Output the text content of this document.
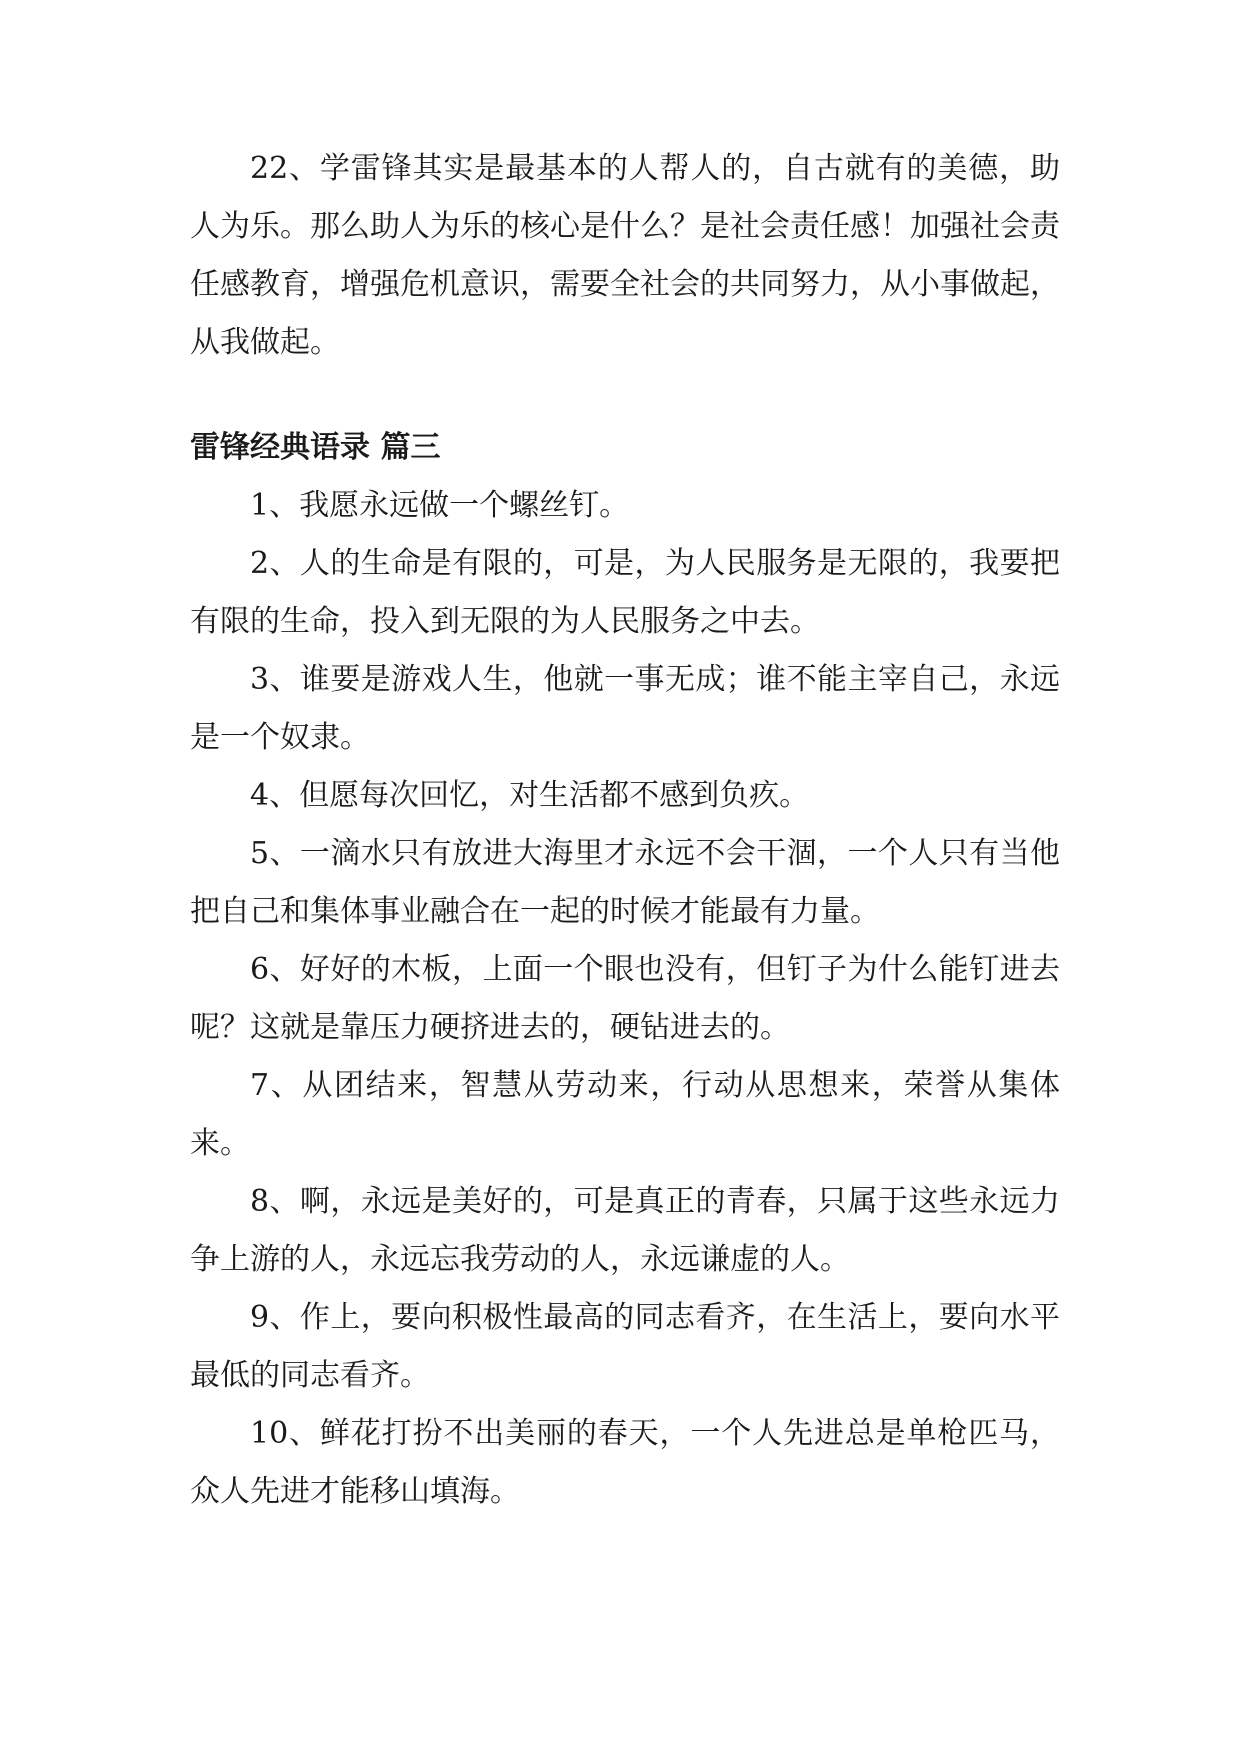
22、学雷锋其实是最基本的人帮人的，自古就有的美德，助人为乐。那么助人为乐的核心是什么？是社会责任感！加强社会责任感教育，增强危机意识，需要全社会的共同努力，从小事做起，从我做起。

雷锋经典语录 篇三
1、我愿永远做一个螺丝钉。
2、人的生命是有限的，可是，为人民服务是无限的，我要把有限的生命，投入到无限的为人民服务之中去。
3、谁要是游戏人生，他就一事无成；谁不能主宰自己，永远是一个奴隶。
4、但愿每次回忆，对生活都不感到负疚。
5、一滴水只有放进大海里才永远不会干涸，一个人只有当他把自己和集体事业融合在一起的时候才能最有力量。
6、好好的木板，上面一个眼也没有，但钉子为什么能钉进去呢？这就是靠压力硬挤进去的，硬钻进去的。
7、从团结来，智慧从劳动来，行动从思想来，荣誉从集体来。
8、啊，永远是美好的，可是真正的青春，只属于这些永远力争上游的人，永远忘我劳动的人，永远谦虚的人。
9、作上，要向积极性最高的同志看齐，在生活上，要向水平最低的同志看齐。
10、鲜花打扮不出美丽的春天，一个人先进总是单枪匹马，众人先进才能移山填海。
